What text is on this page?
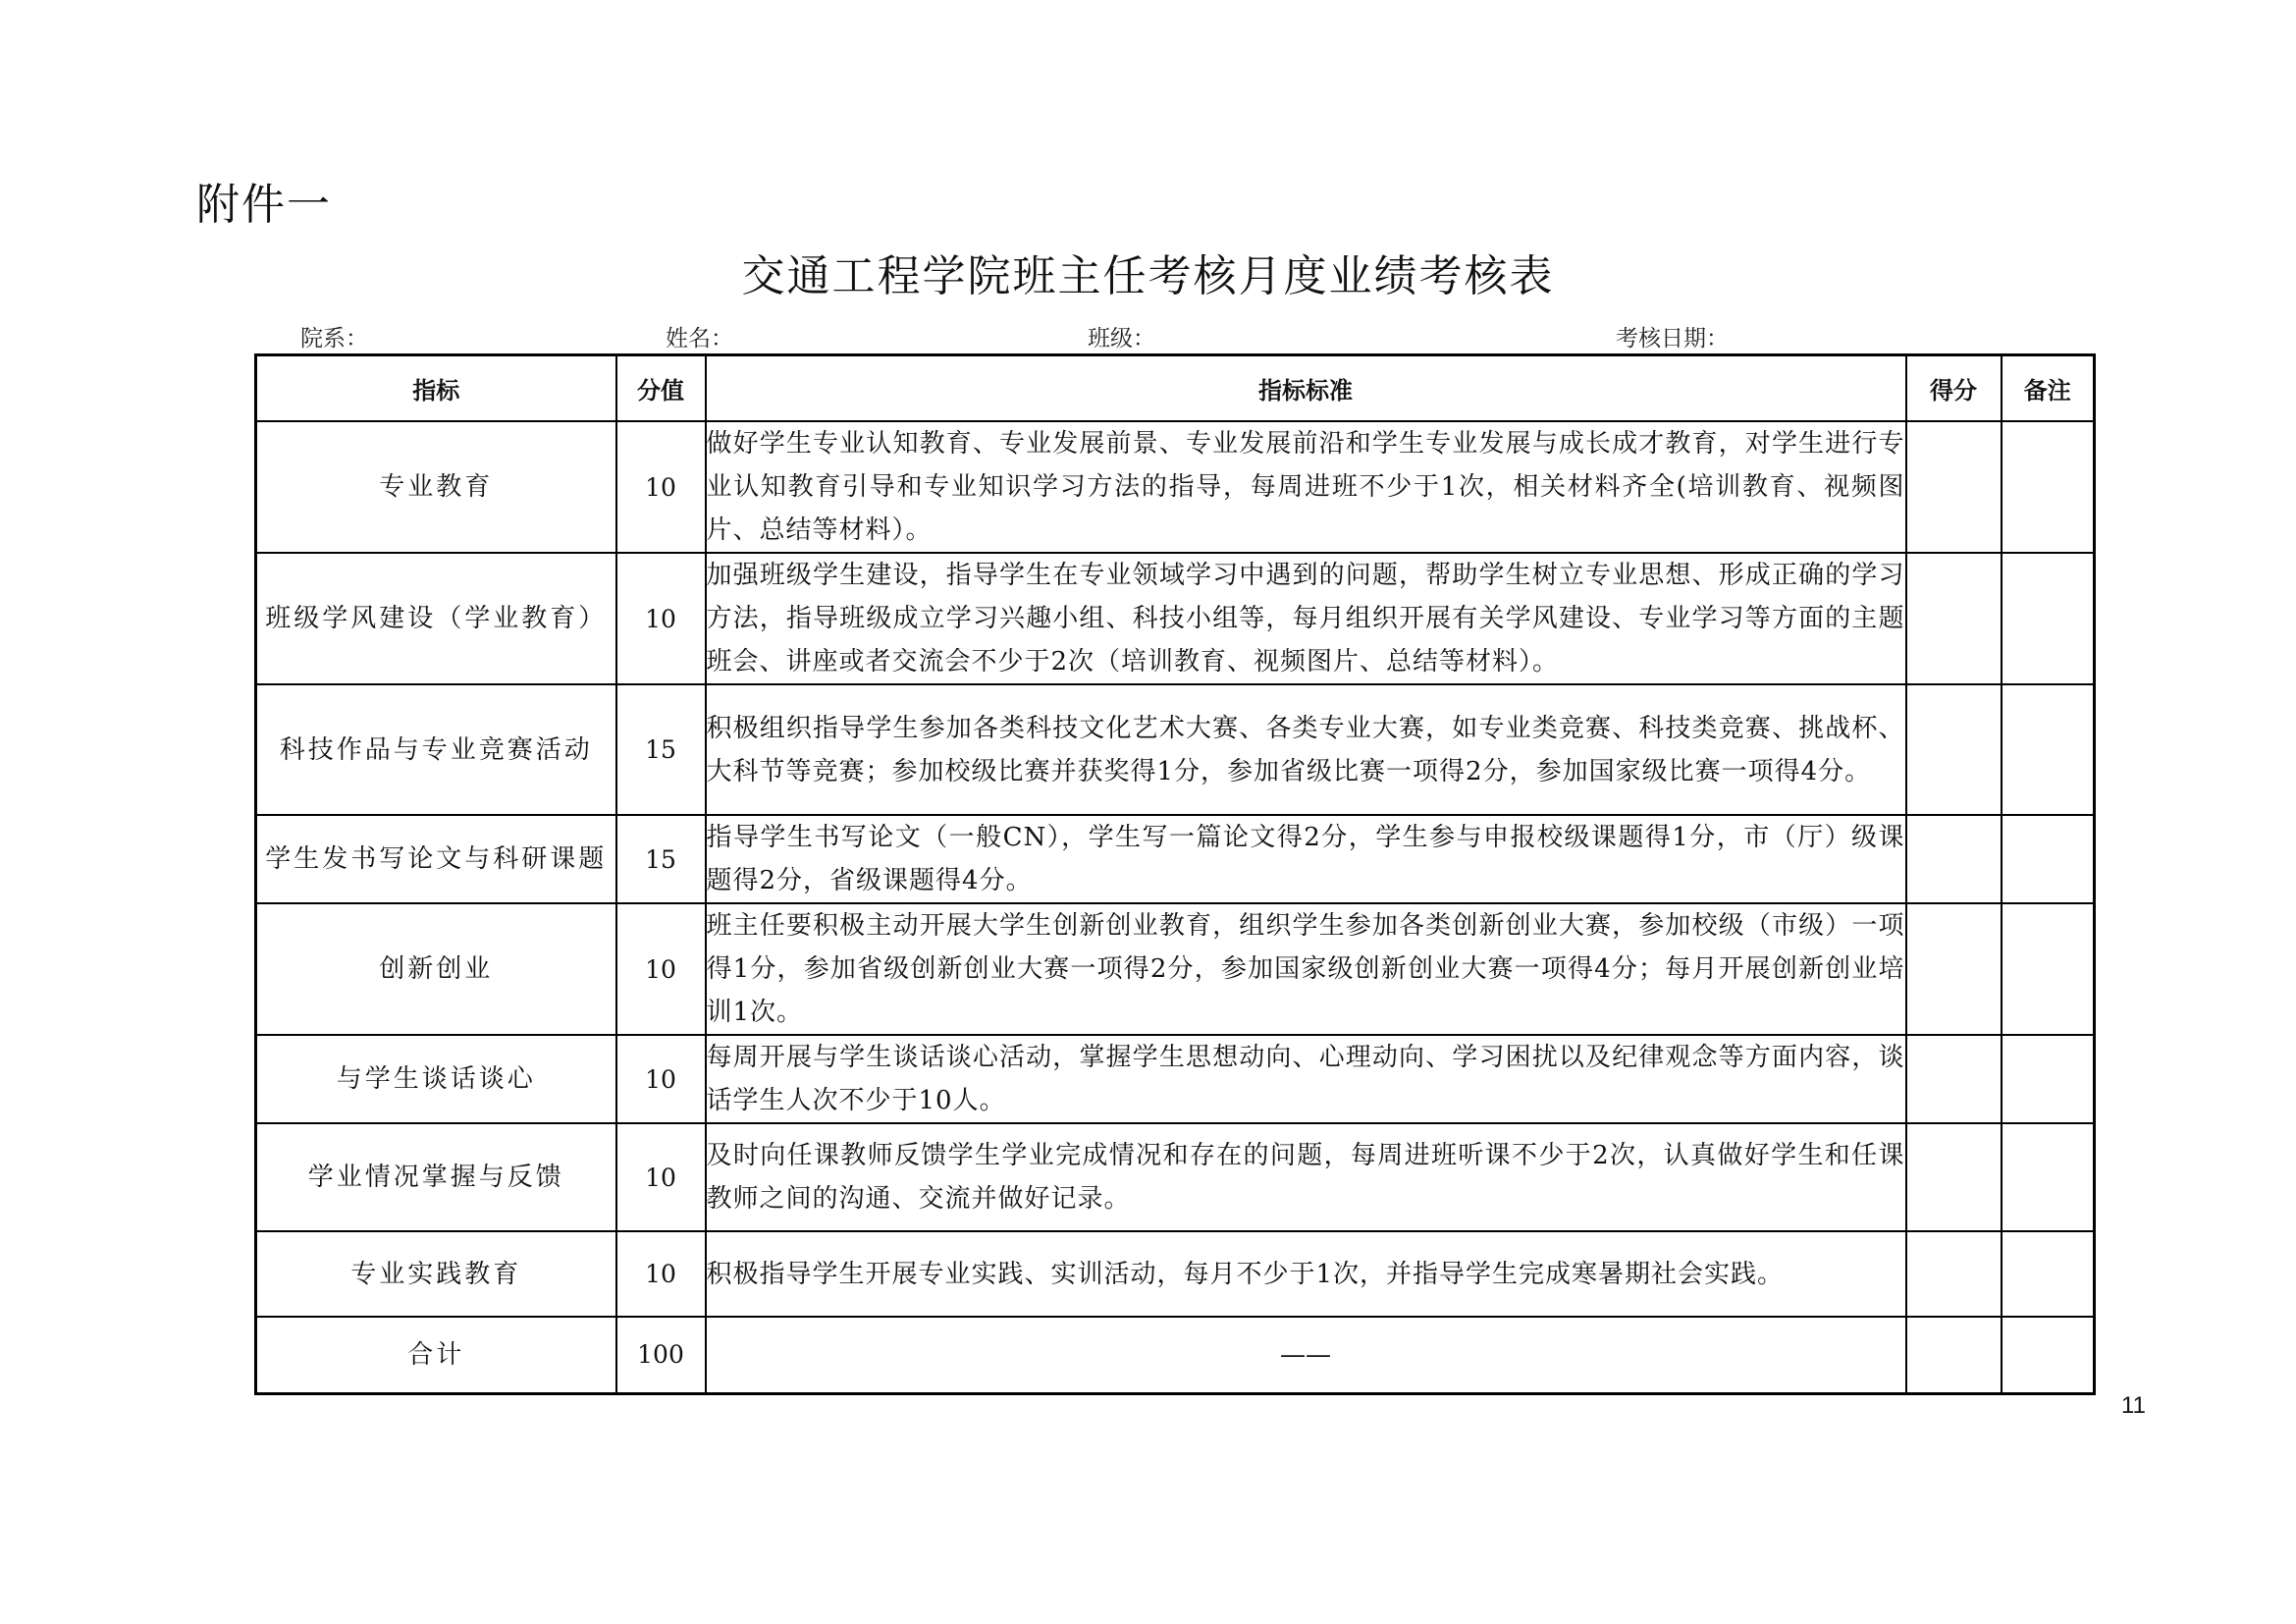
附件一
交通工程学院班主任考核月度业绩考核表
院系：	姓名：	班级：	考核日期：
指标	分值	指标标准	得分	备注
专业教育	10	做好学生专业认知教育、专业发展前景、专业发展前沿和学生专业发展与成长成才教育，对学生进行专业认知教育引导和专业知识学习方法的指导，每周进班不少于1次，相关材料齐全(培训教育、视频图片、总结等材料）。		
班级学风建设（学业教育）	10	加强班级学生建设，指导学生在专业领域学习中遇到的问题，帮助学生树立专业思想、形成正确的学习方法，指导班级成立学习兴趣小组、科技小组等，每月组织开展有关学风建设、专业学习等方面的主题班会、讲座或者交流会不少于2次（培训教育、视频图片、总结等材料）。		
科技作品与专业竞赛活动	15	积极组织指导学生参加各类科技文化艺术大赛、各类专业大赛，如专业类竞赛、科技类竞赛、挑战杯、大科节等竞赛；参加校级比赛并获奖得1分，参加省级比赛一项得2分，参加国家级比赛一项得4分。		
学生发书写论文与科研课题	15	指导学生书写论文（一般CN），学生写一篇论文得2分，学生参与申报校级课题得1分，市（厅）级课题得2分，省级课题得4分。		
创新创业	10	班主任要积极主动开展大学生创新创业教育，组织学生参加各类创新创业大赛，参加校级（市级）一项得1分，参加省级创新创业大赛一项得2分，参加国家级创新创业大赛一项得4分；每月开展创新创业培训1次。		
与学生谈话谈心	10	每周开展与学生谈话谈心活动，掌握学生思想动向、心理动向、学习困扰以及纪律观念等方面内容，谈话学生人次不少于10人。		
学业情况掌握与反馈	10	及时向任课教师反馈学生学业完成情况和存在的问题，每周进班听课不少于2次，认真做好学生和任课教师之间的沟通、交流并做好记录。		
专业实践教育	10	积极指导学生开展专业实践、实训活动，每月不少于1次，并指导学生完成寒暑期社会实践。		
合计	100	——		
11
